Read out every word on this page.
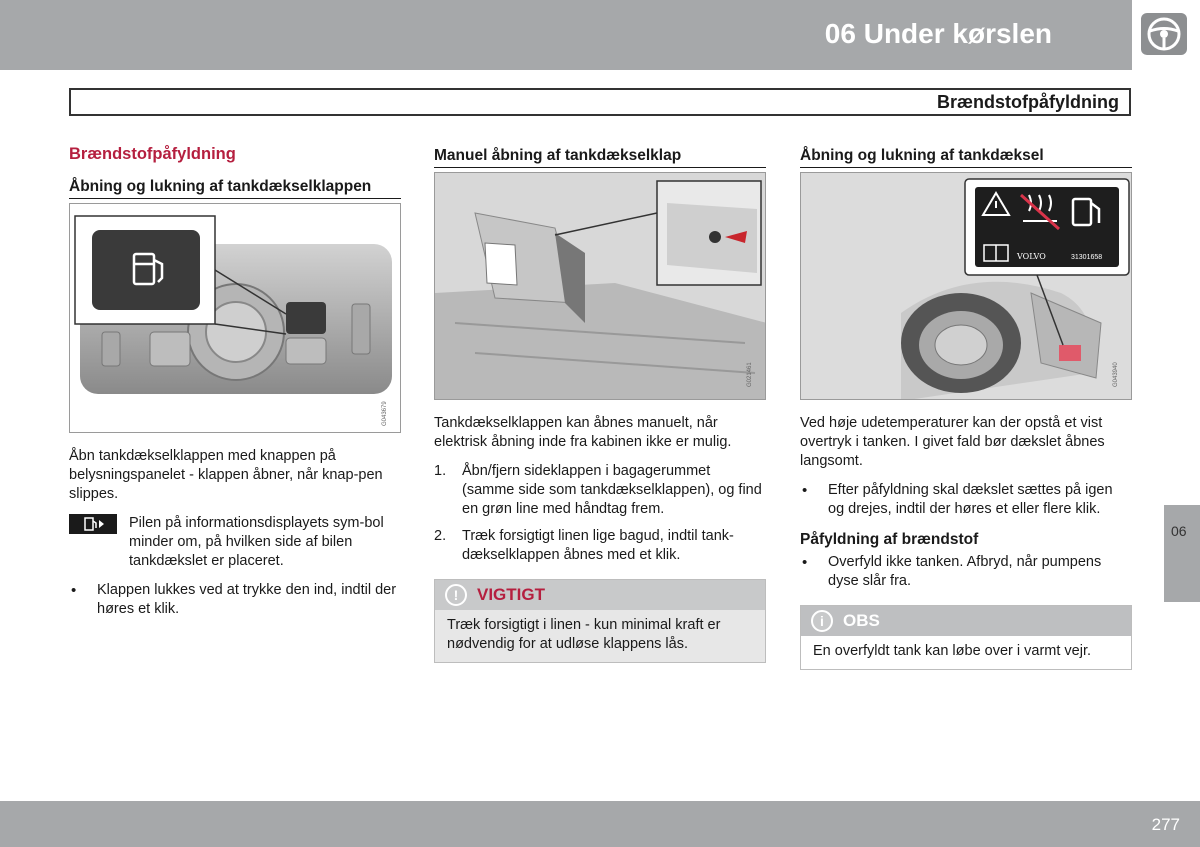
06 Under kørslen
Brændstofpåfyldning
06
Brændstofpåfyldning
Åbning og lukning af tankdækselklappen
G043679

Åbn tankdækselklappen med knappen på belysningspanelet - klappen åbner, når knap-pen slippes.

Pilen på informationsdisplayets sym-bol minder om, på hvilken side af bilen tankdækslet er placeret.
• Klappen lukkes ved at trykke den ind, indtil der høres et klik.
Manuel åbning af tankdækselklap
G021461

Tankdækselklappen kan åbnes manuelt, når elektrisk åbning inde fra kabinen ikke er mulig.

1. Åbn/fjern sideklappen i bagagerummet (samme side som tankdækselklappen), og find en grøn line med håndtag frem.
2. Træk forsigtigt linen lige bagud, indtil tank-dækselklappen åbnes med et klik.
!	VIGTIGT
Træk forsigtigt i linen - kun minimal kraft er nødvendig for at udløse klappens lås.
Åbning og lukning af tankdæksel
VOLVO	31301658
G043940

Ved høje udetemperaturer kan der opstå et vist overtryk i tanken. I givet fald bør dækslet åbnes langsomt.

• Efter påfyldning skal dækslet sættes på igen og drejes, indtil der høres et eller flere klik.
Påfyldning af brændstof
• Overfyld ikke tanken. Afbryd, når pumpens dyse slår fra.
i	OBS
En overfyldt tank kan løbe over i varmt vejr.
277
